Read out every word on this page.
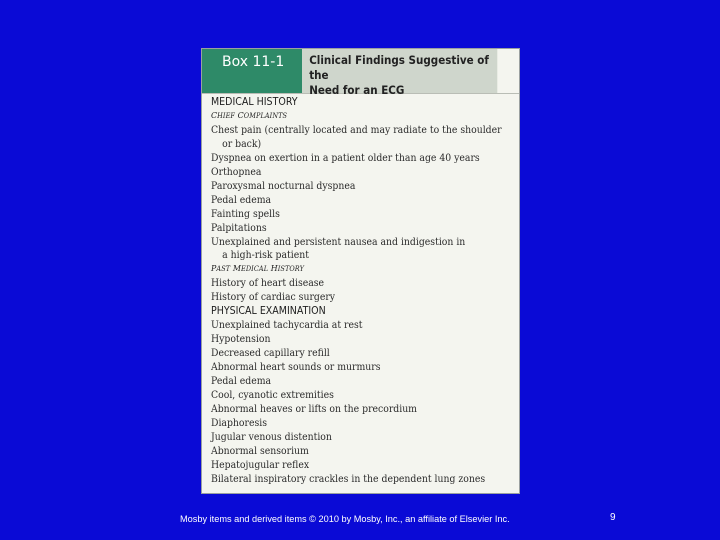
Box 11-1	Clinical Findings Suggestive of the
Need for an ECG
MEDICAL HISTORY
CHIEF COMPLAINTS
Chest pain (centrally located and may radiate to the shoulder
or back)
Dyspnea on exertion in a patient older than age 40 years
Orthopnea
Paroxysmal nocturnal dyspnea
Pedal edema
Fainting spells
Palpitations
Unexplained and persistent nausea and indigestion in
a high-risk patient
PAST MEDICAL HISTORY
History of heart disease
History of cardiac surgery
PHYSICAL EXAMINATION
Unexplained tachycardia at rest
Hypotension
Decreased capillary refill
Abnormal heart sounds or murmurs
Pedal edema
Cool, cyanotic extremities
Abnormal heaves or lifts on the precordium
Diaphoresis
Jugular venous distention
Abnormal sensorium
Hepatojugular reflex
Bilateral inspiratory crackles in the dependent lung zones
Mosby items and derived items © 2010 by Mosby, Inc., an affiliate of Elsevier Inc.	9
